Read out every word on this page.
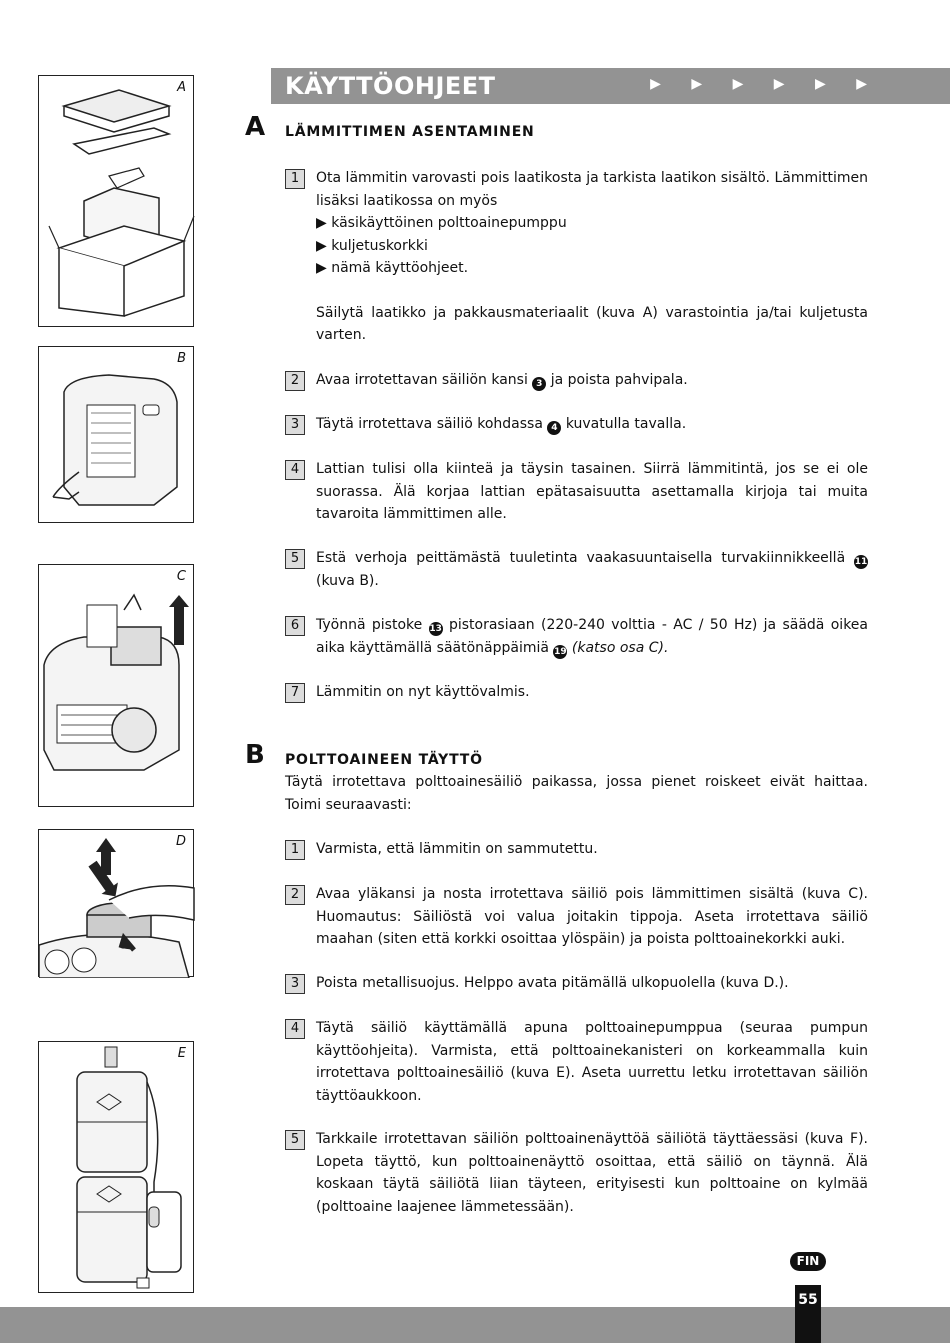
A
B
C
D
E
KÄYTTÖOHJEET	▶ ▶ ▶ ▶ ▶ ▶
A LÄMMITTIMEN ASENTAMINEN
1	Ota lämmitin varovasti pois laatikosta ja tarkista laatikon sisältö. Lämmittimen lisäksi laatikossa on myös

▶ käsikäyttöinen polttoainepumppu
▶ kuljetuskorkki
▶ nämä käyttöohjeet.

Säilytä laatikko ja pakkausmateriaalit (kuva A) varastointia ja/tai kuljetusta varten.

2	Avaa irrotettavan säiliön kansi 3 ja poista pahvipala.
3	Täytä irrotettava säiliö kohdassa 4 kuvatulla tavalla.
4	Lattian tulisi olla kiinteä ja täysin tasainen. Siirrä lämmitintä, jos se ei ole suorassa. Älä korjaa lattian epätasaisuutta asettamalla kirjoja tai muita tavaroita lämmittimen alle.
5	Estä verhoja peittämästä tuuletinta vaakasuuntaisella turvakiinnikkeellä 11 (kuva B).
6	Työnnä pistoke 13 pistorasiaan (220-240 volttia - AC / 50 Hz) ja säädä oikea aika käyttämällä säätönäppäimiä 19 (katso osa C).
7	Lämmitin on nyt käyttövalmis.
B POLTTOAINEEN TÄYTTÖ
Täytä irrotettava polttoainesäiliö paikassa, jossa pienet roiskeet eivät haittaa. Toimi seuraavasti:
1	Varmista, että lämmitin on sammutettu.
2	Avaa yläkansi ja nosta irrotettava säiliö pois lämmittimen sisältä (kuva C). Huomautus: Säiliöstä voi valua joitakin tippoja. Aseta irrotettava säiliö maahan (siten että korkki osoittaa ylöspäin) ja poista polttoainekorkki auki.
3	Poista metallisuojus. Helppo avata pitämällä ulkopuolella (kuva D.).
4	Täytä säiliö käyttämällä apuna polttoainepumppua (seuraa pumpun käyttöohjeita). Varmista, että polttoainekanisteri on korkeammalla kuin irrotettava polttoainesäiliö (kuva E). Aseta uurrettu letku irrotettavan säiliön täyttöaukkoon.
5	Tarkkaile irrotettavan säiliön polttoainenäyttöä säiliötä täyttäessäsi (kuva F). Lopeta täyttö, kun polttoainenäyttö osoittaa, että säiliö on täynnä. Älä koskaan täytä säiliötä liian täyteen, erityisesti kun polttoaine on kylmää (polttoaine laajenee lämmetessään).
FIN
55
